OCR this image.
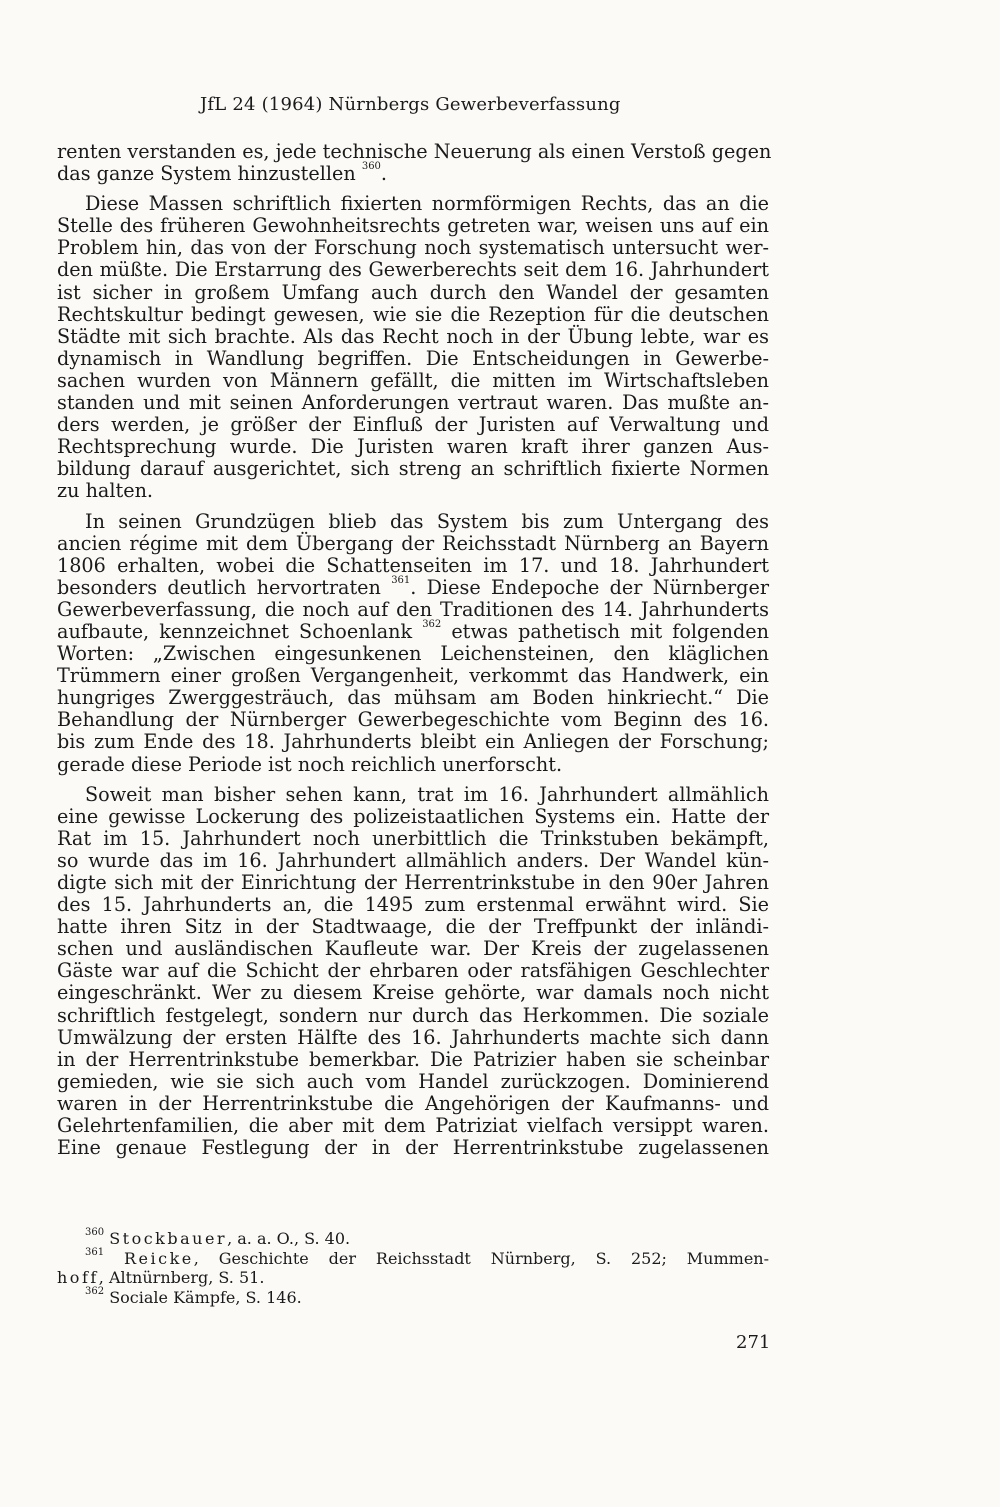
JfL 24 (1964) Nürnbergs Gewerbeverfassung
renten verstanden es, jede technische Neuerung als einen Verstoß gegen
das ganze System hinzustellen $^{360}$.
Diese Massen schriftlich fixierten normförmigen Rechts, das an die
Stelle des früheren Gewohnheitsrechts getreten war, weisen uns auf ein
Problem hin, das von der Forschung noch systematisch untersucht wer-
den müßte. Die Erstarrung des Gewerberechts seit dem 16. Jahrhundert
ist sicher in großem Umfang auch durch den Wandel der gesamten
Rechtskultur bedingt gewesen, wie sie die Rezeption für die deutschen
Städte mit sich brachte. Als das Recht noch in der Übung lebte, war es
dynamisch in Wandlung begriffen. Die Entscheidungen in Gewerbe-
sachen wurden von Männern gefällt, die mitten im Wirtschaftsleben
standen und mit seinen Anforderungen vertraut waren. Das mußte an-
ders werden, je größer der Einfluß der Juristen auf Verwaltung und
Rechtsprechung wurde. Die Juristen waren kraft ihrer ganzen Aus-
bildung darauf ausgerichtet, sich streng an schriftlich fixierte Normen
zu halten.
In seinen Grundzügen blieb das System bis zum Untergang des
ancien régime mit dem Übergang der Reichsstadt Nürnberg an Bayern
1806 erhalten, wobei die Schattenseiten im 17. und 18. Jahrhundert
besonders deutlich hervortraten $^{361}$. Diese Endepoche der Nürnberger
Gewerbeverfassung, die noch auf den Traditionen des 14. Jahrhunderts
aufbaute, kennzeichnet Schoenlank $^{362}$ etwas pathetisch mit folgenden
Worten: „Zwischen eingesunkenen Leichensteinen, den kläglichen
Trümmern einer großen Vergangenheit, verkommt das Handwerk, ein
hungriges Zwerggesträuch, das mühsam am Boden hinkriecht.“ Die
Behandlung der Nürnberger Gewerbegeschichte vom Beginn des 16.
bis zum Ende des 18. Jahrhunderts bleibt ein Anliegen der Forschung;
gerade diese Periode ist noch reichlich unerforscht.
Soweit man bisher sehen kann, trat im 16. Jahrhundert allmählich
eine gewisse Lockerung des polizeistaatlichen Systems ein. Hatte der
Rat im 15. Jahrhundert noch unerbittlich die Trinkstuben bekämpft,
so wurde das im 16. Jahrhundert allmählich anders. Der Wandel kün-
digte sich mit der Einrichtung der Herrentrinkstube in den 90er Jahren
des 15. Jahrhunderts an, die 1495 zum erstenmal erwähnt wird. Sie
hatte ihren Sitz in der Stadtwaage, die der Treffpunkt der inländi-
schen und ausländischen Kaufleute war. Der Kreis der zugelassenen
Gäste war auf die Schicht der ehrbaren oder ratsfähigen Geschlechter
eingeschränkt. Wer zu diesem Kreise gehörte, war damals noch nicht
schriftlich festgelegt, sondern nur durch das Herkommen. Die soziale
Umwälzung der ersten Hälfte des 16. Jahrhunderts machte sich dann
in der Herrentrinkstube bemerkbar. Die Patrizier haben sie scheinbar
gemieden, wie sie sich auch vom Handel zurückzogen. Dominierend
waren in der Herrentrinkstube die Angehörigen der Kaufmanns- und
Gelehrtenfamilien, die aber mit dem Patriziat vielfach versippt waren.
Eine genaue Festlegung der in der Herrentrinkstube zugelassenen
$^{360}$ Stockbauer, a. a. O., S. 40.
$^{361}$ Reicke, Geschichte der Reichsstadt Nürnberg, S. 252; Mummen-
hoff, Altnürnberg, S. 51.
$^{362}$ Sociale Kämpfe, S. 146.
271
